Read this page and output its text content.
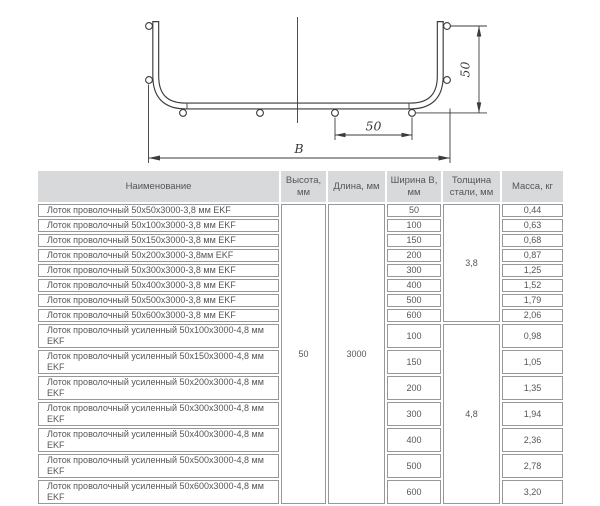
50
50
B
Наименование	Высота, мм	Длина, мм	Ширина В, мм	Толщина стали, мм	Масса, кг
Лоток проволочный 50x50x3000-3,8 мм EKF	50	3000	50	3,8	0,44
Лоток проволочный 50x100x3000-3,8 мм EKF			100		0,63
Лоток проволочный 50x150x3000-3,8 мм EKF			150		0,68
Лоток проволочный 50x200x3000-3,8мм EKF			200		0,87
Лоток проволочный 50x300x3000-3,8 мм EKF			300		1,25
Лоток проволочный 50x400x3000-3,8 мм EKF			400		1,52
Лоток проволочный 50x500x3000-3,8 мм EKF			500		1,79
Лоток проволочный 50x600x3000-3,8 мм EKF			600		2,06
Лоток проволочный усиленный 50x100x3000-4,8 мм EKF			100	4,8	0,98
Лоток проволочный усиленный 50x150x3000-4,8 мм EKF			150		1,05
Лоток проволочный усиленный 50x200x3000-4,8 мм EKF			200		1,35
Лоток проволочный усиленный 50x300x3000-4,8 мм EKF			300		1,94
Лоток проволочный усиленный 50x400x3000-4,8 мм EKF			400		2,36
Лоток проволочный усиленный 50x500x3000-4,8 мм EKF			500		2,78
Лоток проволочный усиленный 50x600x3000-4,8 мм EKF			600		3,20
